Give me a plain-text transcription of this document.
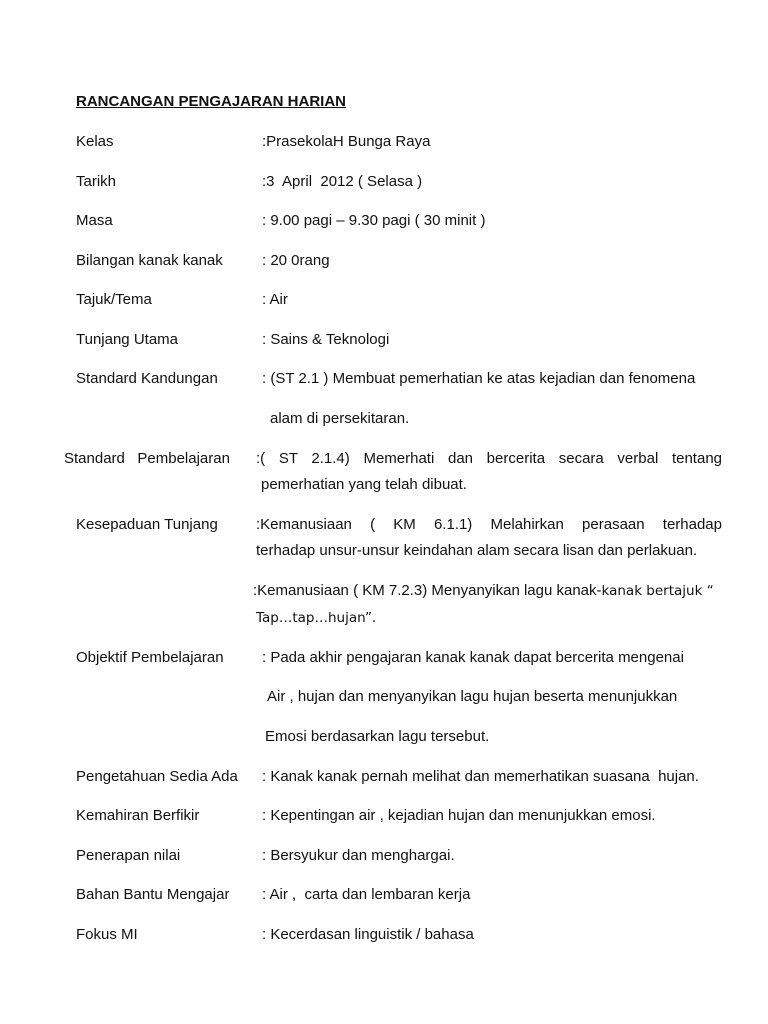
RANCANGAN PENGAJARAN HARIAN
Kelas	:PrasekolaH Bunga Raya
Tarikh	:3  April  2012 ( Selasa )
Masa	: 9.00 pagi – 9.30 pagi ( 30 minit )
Bilangan kanak kanak	: 20 0rang
Tajuk/Tema	: Air
Tunjang Utama	: Sains & Teknologi
Standard Kandungan	: (ST 2.1 ) Membuat pemerhatian ke atas kejadian dan fenomena
alam di persekitaran.
Standard   Pembelajaran :( ST 2.1.4) Memerhati dan bercerita secara verbal tentang
pemerhatian yang telah dibuat.
Kesepaduan Tunjang	:Kemanusiaan ( KM 6.1.1) Melahirkan perasaan terhadap
terhadap unsur-unsur keindahan alam secara lisan dan perlakuan.
:Kemanusiaan ( KM 7.2.3) Menyanyikan lagu kanak-kanak bertajuk “
Tap…tap…hujan”.
Objektif Pembelajaran	: Pada akhir pengajaran kanak kanak dapat bercerita mengenai
Air , hujan dan menyanyikan lagu hujan beserta menunjukkan
Emosi berdasarkan lagu tersebut.
Pengetahuan Sedia Ada : Kanak kanak pernah melihat dan memerhatikan suasana  hujan.
Kemahiran Berfikir	: Kepentingan air , kejadian hujan dan menunjukkan emosi.
Penerapan nilai	: Bersyukur dan menghargai.
Bahan Bantu Mengajar : Air ,  carta dan lembaran kerja
Fokus MI	: Kecerdasan linguistik / bahasa
